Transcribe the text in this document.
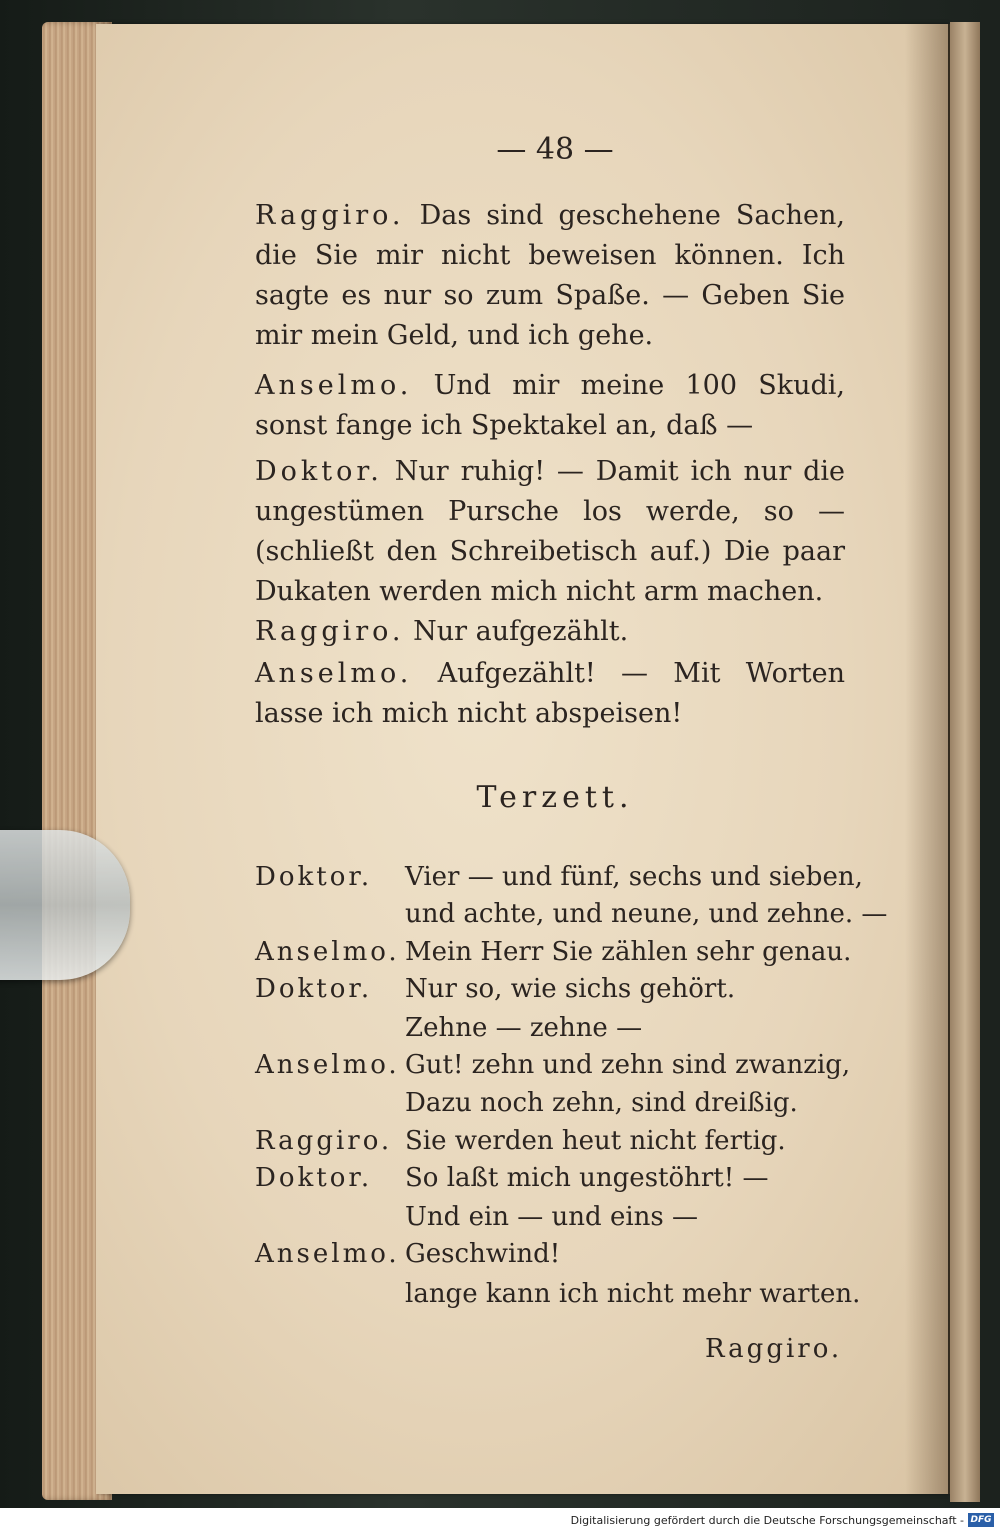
— 48 —
Raggiro. Das sind geschehene Sachen, die Sie mir nicht beweisen können. Ich sagte es nur so zum Spaße. — Geben Sie mir mein Geld, und ich gehe.
Anselmo. Und mir meine 100 Skudi, sonst fange ich Spektakel an, daß —
Doktor. Nur ruhig! — Damit ich nur die ungestümen Pursche los werde, so — (schließt den Schreibetisch auf.) Die paar Dukaten werden mich nicht arm machen.
Raggiro. Nur aufgezählt.
Anselmo. Aufgezählt! — Mit Worten lasse ich mich nicht abspeisen!
Terzett.
Doktor. Vier — und fünf, sechs und sieben,
und achte, und neune, und zehne. —
Anselmo. Mein Herr Sie zählen sehr genau.
Doktor. Nur so, wie sichs gehört.
Zehne — zehne —
Anselmo. Gut! zehn und zehn sind zwanzig,
Dazu noch zehn, sind dreißig.
Raggiro. Sie werden heut nicht fertig.
Doktor. So laßt mich ungestöhrt! —
Und ein — und eins —
Anselmo. Geschwind!
lange kann ich nicht mehr warten.
Raggiro.
Digitalisierung gefördert durch die Deutsche Forschungsgemeinschaft - DFG
